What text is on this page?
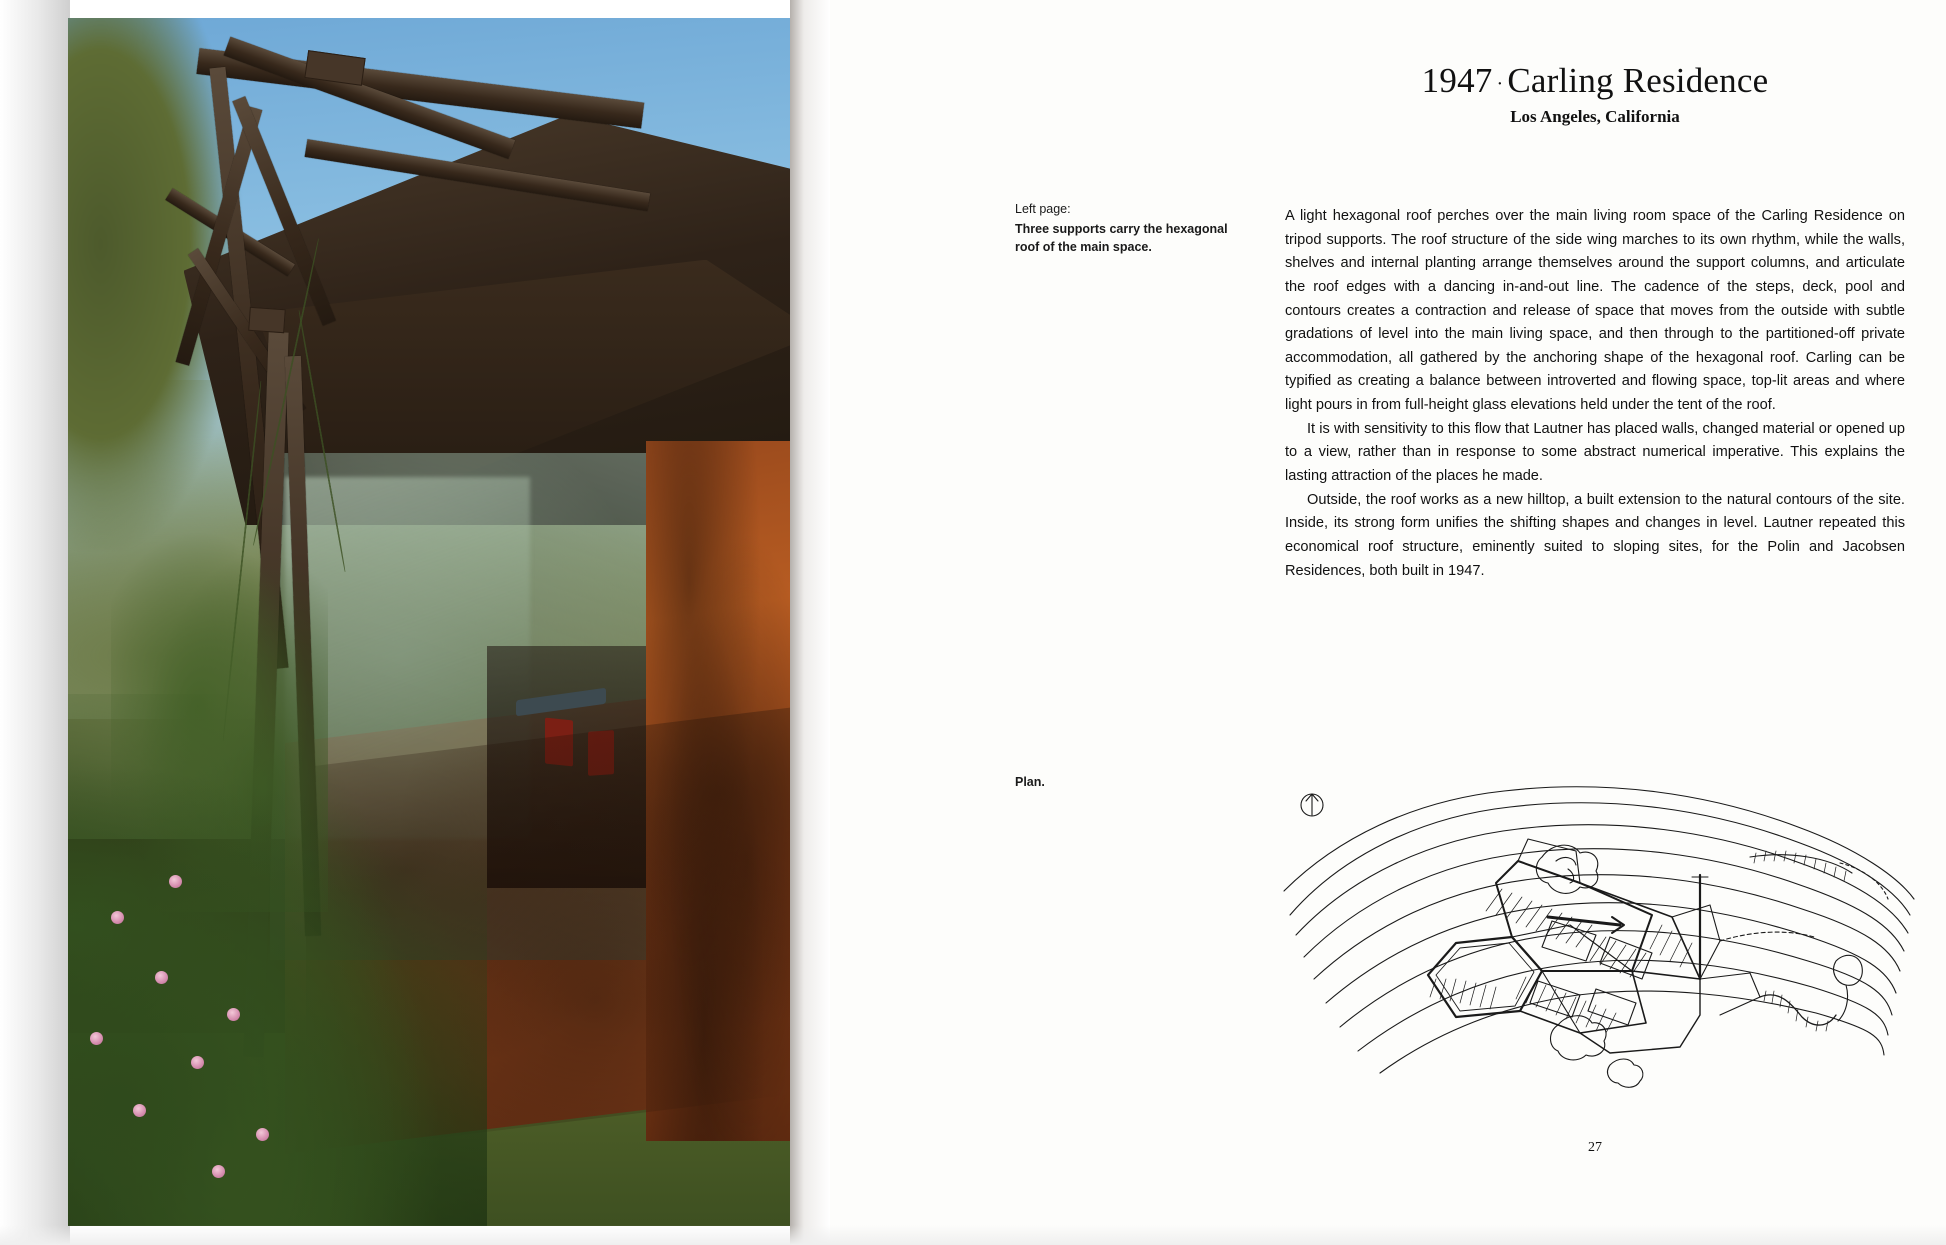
1947 · Carling Residence
Los Angeles, California
Left page:
Three supports carry the hexagonal roof of the main space.
Plan.

A light hexagonal roof perches over the main living room space of the Carling Residence on tripod supports. The roof structure of the side wing marches to its own rhythm, while the walls, shelves and internal planting arrange themselves around the support columns, and articulate the roof edges with a dancing in-and-out line. The cadence of the steps, deck, pool and contours creates a contraction and release of space that moves from the outside with subtle gradations of level into the main living space, and then through to the partitioned-off private accommodation, all gathered by the anchoring shape of the hexagonal roof. Carling can be typified as creating a balance between introverted and flowing space, top-lit areas and where light pours in from full-height glass elevations held under the tent of the roof.

It is with sensitivity to this flow that Lautner has placed walls, changed material or opened up to a view, rather than in response to some abstract numerical imperative. This explains the lasting attraction of the places he made.

Outside, the roof works as a new hilltop, a built extension to the natural contours of the site. Inside, its strong form unifies the shifting shapes and changes in level. Lautner repeated this economical roof structure, eminently suited to sloping sites, for the Polin and Jacobsen Residences, both built in 1947.

27
